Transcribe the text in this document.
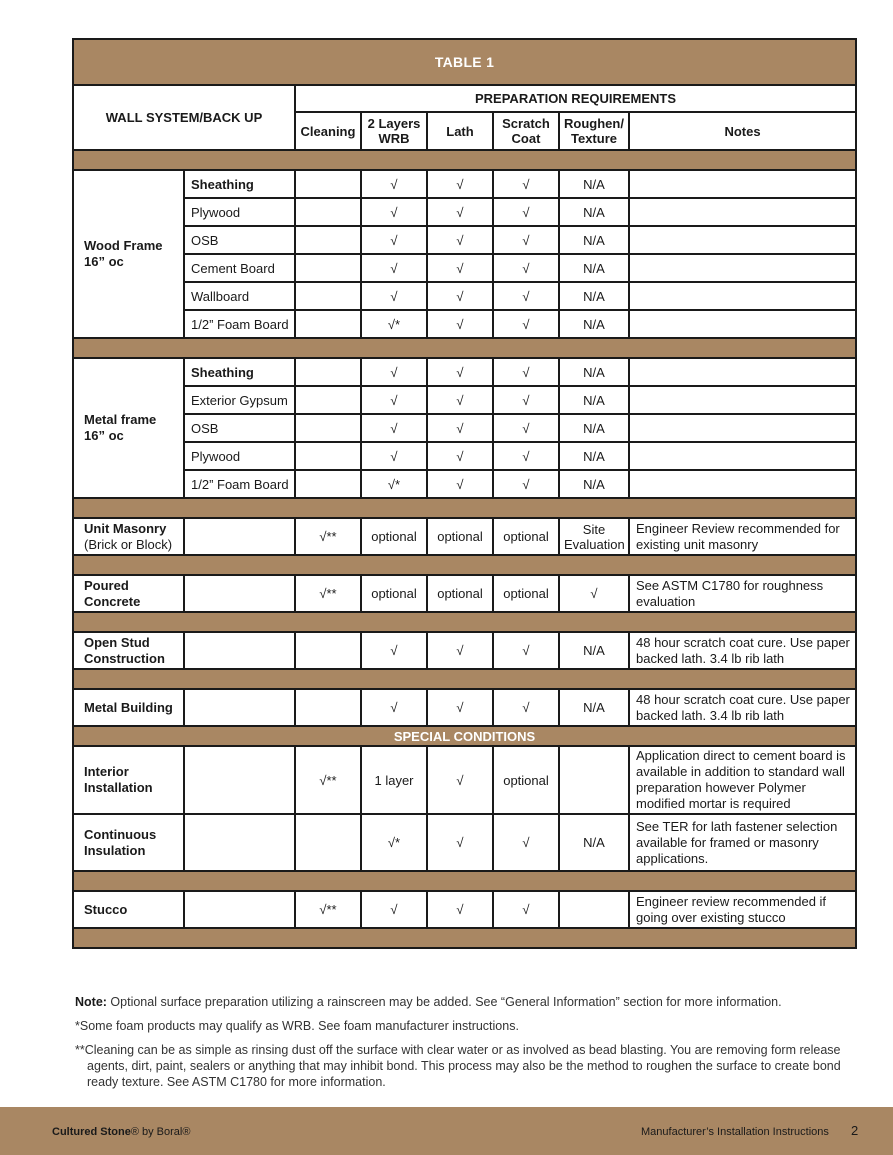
TABLE 1							
WALL SYSTEM/BACK UP		PREPARATION REQUIREMENTS					
		Cleaning	2 Layers WRB	Lath	Scratch Coat	Roughen/ Texture	Notes

Wood Frame 16” oc	Sheathing		√	√	√	N/A	
	Plywood		√	√	√	N/A	
	OSB		√	√	√	N/A	
	Cement Board		√	√	√	N/A	
	Wallboard		√	√	√	N/A	
	1/2” Foam Board		√*	√	√	N/A	

Metal frame 16” oc	Sheathing		√	√	√	N/A	
	Exterior Gypsum		√	√	√	N/A	
	OSB		√	√	√	N/A	
	Plywood		√	√	√	N/A	
	1/2” Foam Board		√*	√	√	N/A	

Unit Masonry
(Brick or Block)		√**	optional	optional	optional	Site Evaluation	Engineer Review recommended for existing unit masonry

Poured Concrete		√**	optional	optional	optional	√	See ASTM C1780 for roughness evaluation

Open Stud Construction			√	√	√	N/A	48 hour scratch coat cure. Use paper backed lath. 3.4 lb rib lath

Metal Building			√	√	√	N/A	48 hour scratch coat cure. Use paper backed lath. 3.4 lb rib lath
SPECIAL CONDITIONS							
Interior Installation		√**	1 layer	√	optional		Application direct to cement board is available in addition to standard wall preparation however Polymer modified mortar is required
Continuous Insulation			√*	√	√	N/A	See TER for lath fastener selection available for framed or masonry applications.

Stucco		√**	√	√	√		Engineer review recommended if going over existing stucco

Note: Optional surface preparation utilizing a rainscreen may be added. See “General Information” section for more information.

*Some foam products may qualify as WRB. See foam manufacturer instructions.

**Cleaning can be as simple as rinsing dust off the surface with clear water or as involved as bead blasting. You are removing form release agents, dirt, paint, sealers or anything that may inhibit bond. This process may also be the method to roughen the surface to create bond ready texture. See ASTM C1780 for more information.

Cultured Stone® by Boral®	Manufacturer’s Installation Instructions 2
